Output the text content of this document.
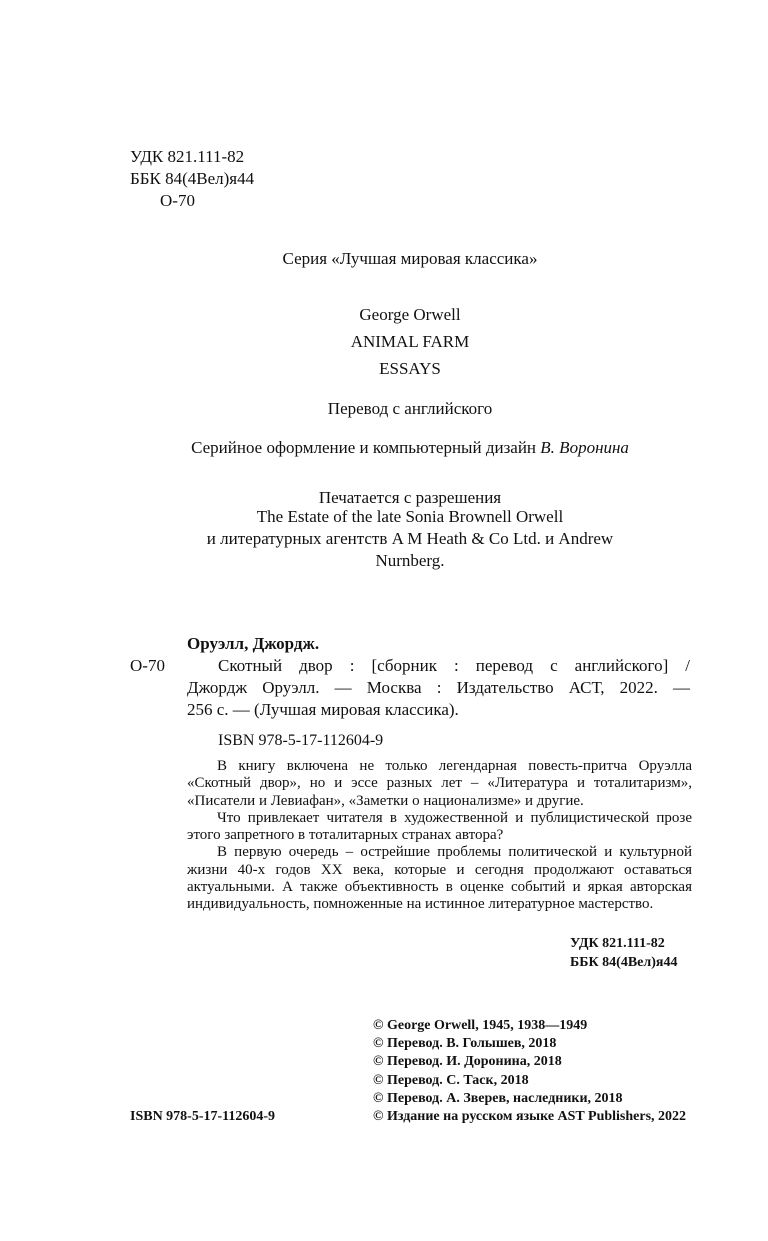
УДК 821.111-82
ББК 84(4Вел)я44
О-70
Серия «Лучшая мировая классика»
George Orwell
ANIMAL FARM
ESSAYS
Перевод с английского
Серийное оформление и компьютерный дизайн В. Воронина
Печатается с разрешения
The Estate of the late Sonia Brownell Orwell
и литературных агентств A M Heath & Co Ltd. и Andrew
Nurnberg.
Оруэлл, Джордж.
О-70	Скотный двор : [сборник : перевод с английского] /
Джордж Оруэлл. — Москва : Издательство АСТ, 2022. —
256 с. — (Лучшая мировая классика).
ISBN 978-5-17-112604-9

В книгу включена не только легендарная повесть-притча Оруэлла «Скотный двор», но и эссе разных лет – «Литература и тоталитаризм», «Писатели и Левиафан», «Заметки о национализме» и другие.

Что привлекает читателя в художественной и публицистической прозе этого запретного в тоталитарных странах автора?

В первую очередь – острейшие проблемы политической и культурной жизни 40-х годов XX века, которые и сегодня продолжают оставаться актуальными. А также объективность в оценке событий и яркая авторская индивидуальность, помноженные на истинное литературное мастерство.

УДК 821.111-82
ББК 84(4Вел)я44
© George Orwell, 1945, 1938—1949
© Перевод. В. Голышев, 2018
© Перевод. И. Доронина, 2018
© Перевод. С. Таск, 2018
© Перевод. А. Зверев, наследники, 2018
© Издание на русском языке AST Publishers, 2022
ISBN 978-5-17-112604-9
